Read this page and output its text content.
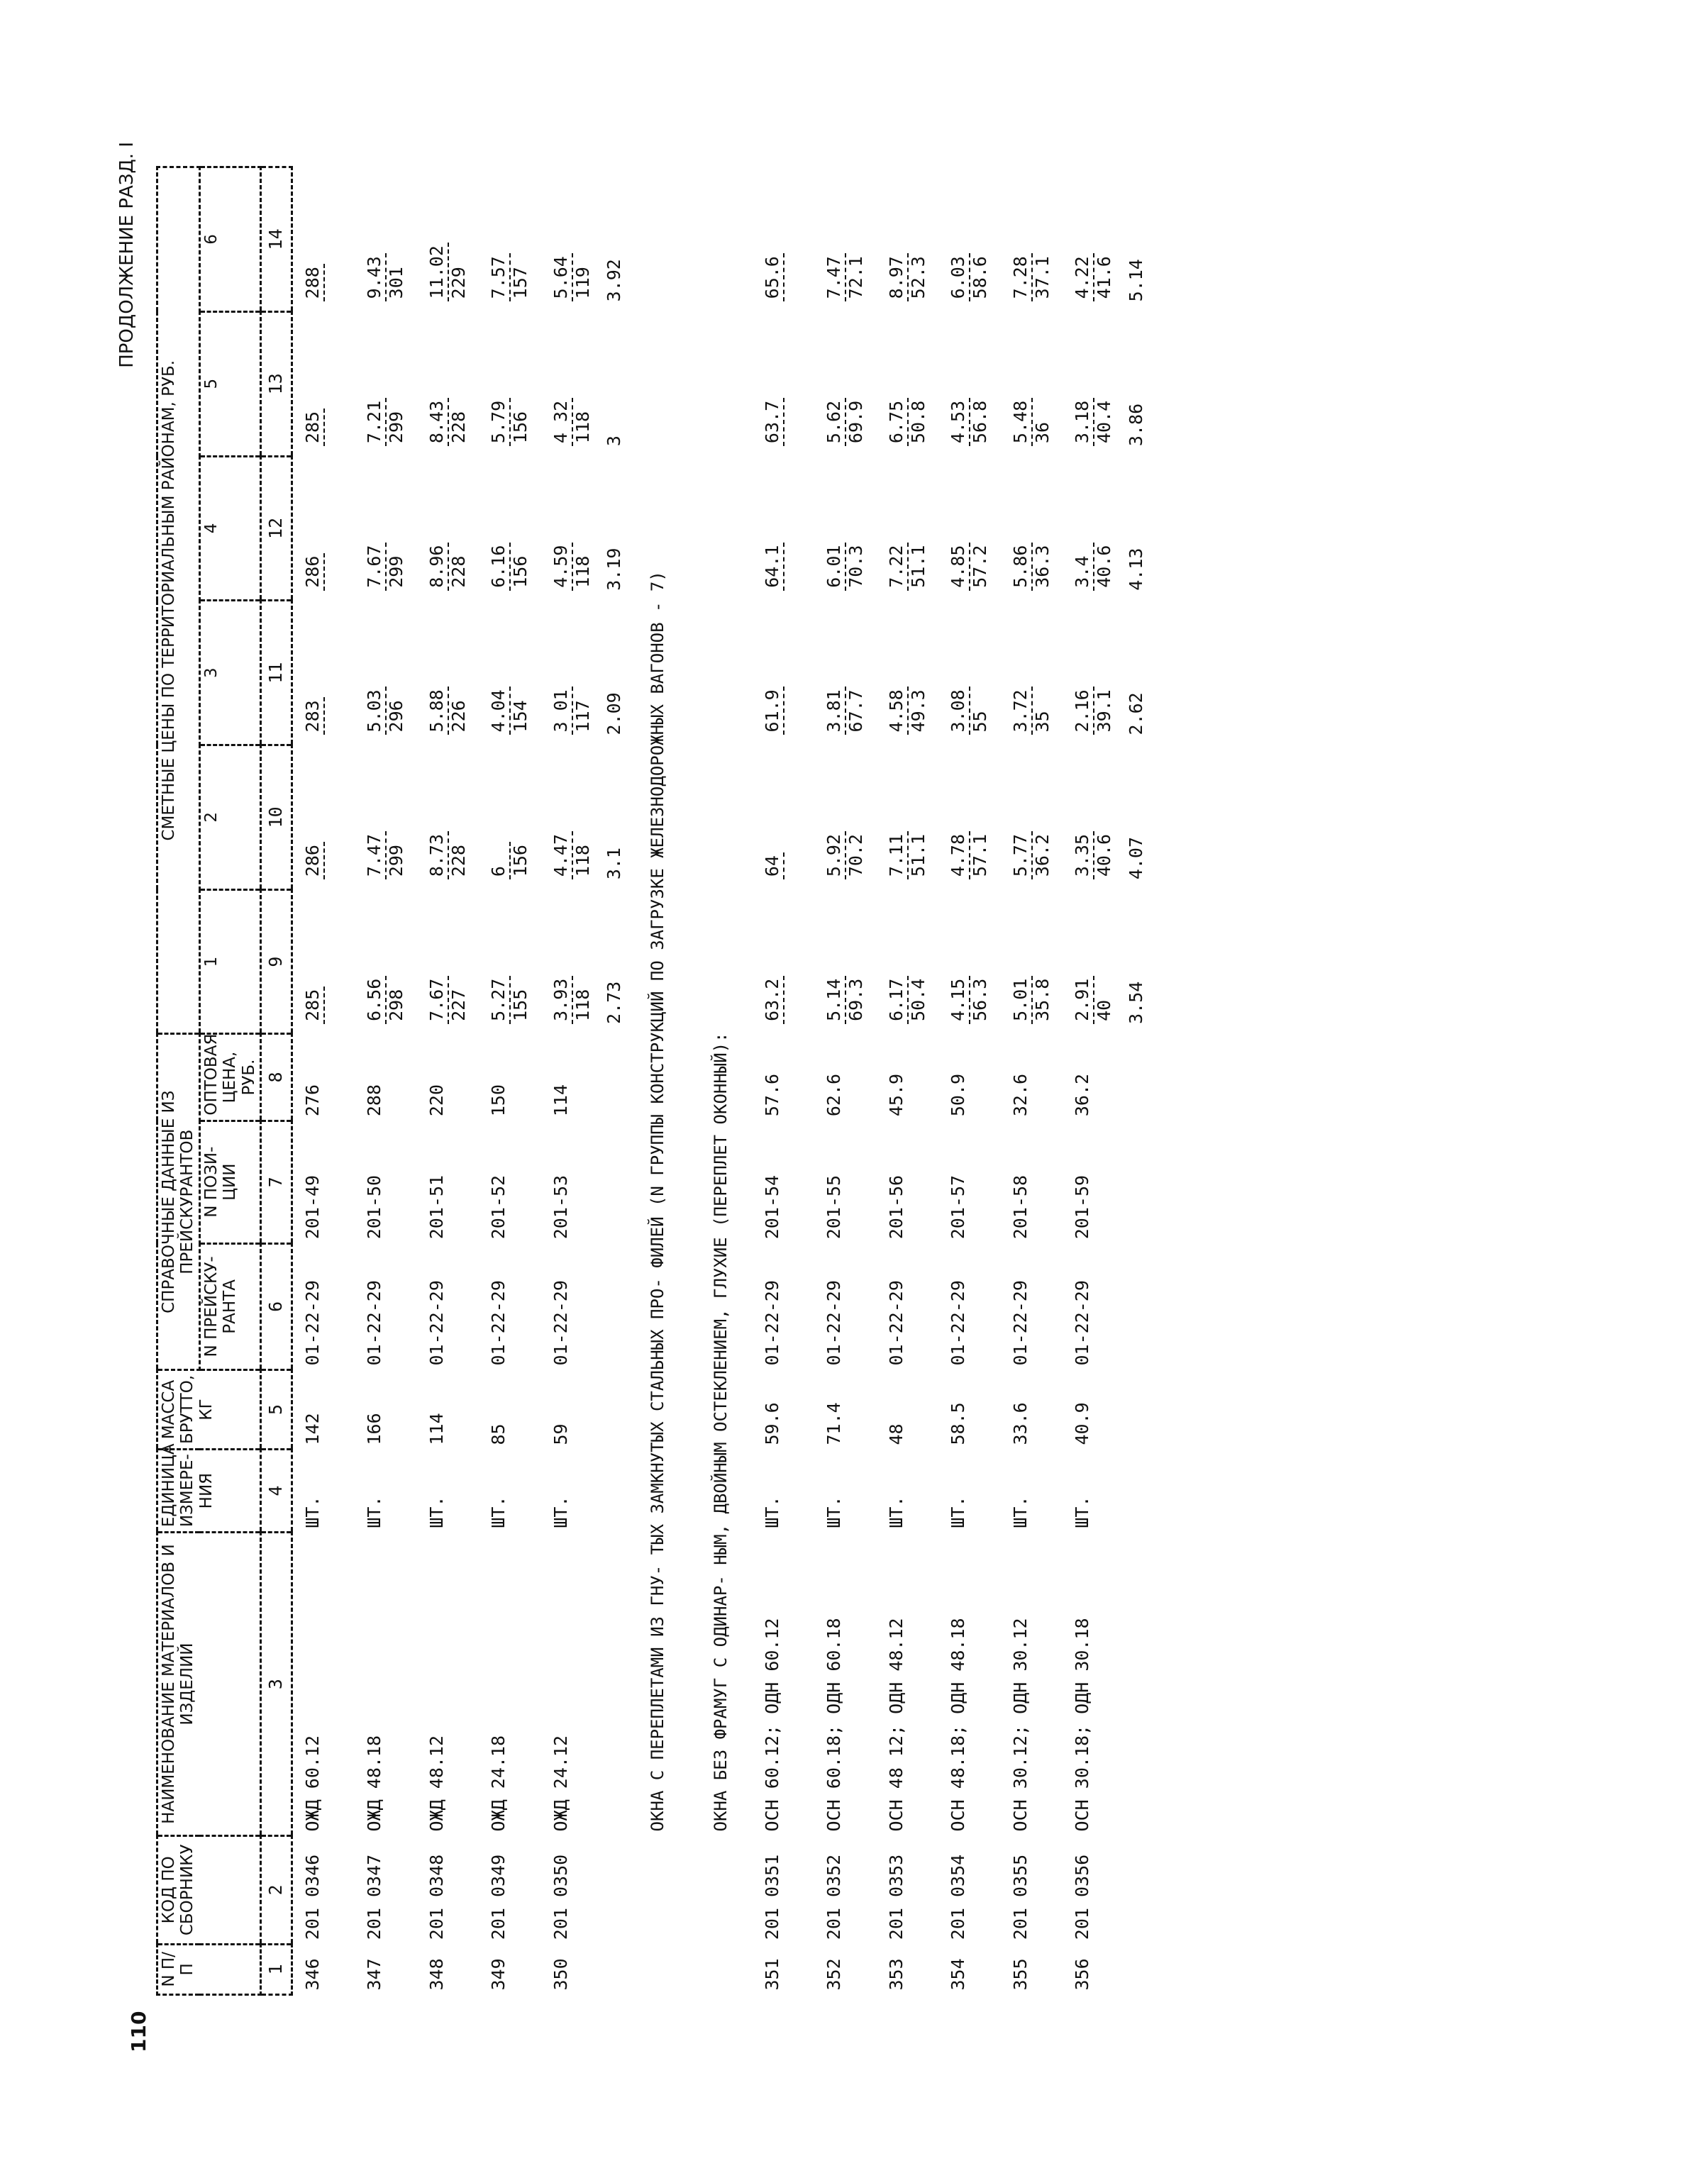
110
ПРОДОЛЖЕНИЕ РАЗД. I
N П/П	КОД ПО СБОРНИКУ	НАИМЕНОВАНИЕ МАТЕРИАЛОВ И ИЗДЕЛИЙ	ЕДИНИЦА ИЗМЕРЕ- НИЯ	МАССА БРУТТО, КГ	СПРАВОЧНЫЕ ДАННЫЕ ИЗ ПРЕЙСКУРАНТОВ			СМЕТНЫЕ ЦЕНЫ ПО ТЕРРИТОРИАЛЬНЫМ РАЙОНАМ, РУБ.					
					N ПРЕЙСКУ- РАНТА	N ПОЗИ- ЦИИ	ОПТОВАЯ ЦЕНА, РУБ.	1	2	3	4	5	6
1	2	3	4	5	6	7	8	9	10	11	12	13	14
346	201 0346	ОЖД 60.12	ШТ.	142	01-22-29	201-49	276	285	286	283	286	285	288

347	201 0347	ОЖД 48.18	ШТ.	166	01-22-29	201-50	288	6.56 298	7.47 299	5.03 296	7.67 299	7.21 299	9.43 301

348	201 0348	ОЖД 48.12	ШТ.	114	01-22-29	201-51	220	7.67 227	8.73 228	5.88 226	8.96 228	8.43 228	11.02 229

349	201 0349	ОЖД 24.18	ШТ.	85	01-22-29	201-52	150	5.27 155	6 156	4.04 154	6.16 156	5.79 156	7.57 157

350	201 0350	ОЖД 24.12	ШТ.	59	01-22-29	201-53	114	3.93 118	4.47 118	3 01 117	4.59 118	4 32 118	5.64 119

								2.73	3.1	2.09	3.19	3	3.92
		ОКНА С ПЕРЕПЛЕТАМИ ИЗ ГНУ- ТЫХ ЗАМКНУТЫХ СТАЛЬНЫХ ПРО- ФИЛЕЙ (N ГРУППЫ КОНСТРУКЦИЙ ПО ЗАГРУЗКЕ ЖЕЛЕЗНОДОРОЖНЫХ ВАГОНОВ - 7)											
		ОКНА БЕЗ ФРАМУГ С ОДИНАР- НЫМ, ДВОЙНЫМ ОСТЕКЛЕНИЕМ, ГЛУХИЕ (ПЕРЕПЛЕТ ОКОННЫЙ):											
351	201 0351	ОСН 60.12; ОДН 60.12	ШТ.	59.6	01-22-29	201-54	57.6	63.2	64	61.9	64.1	63.7	65.6

352	201 0352	ОСН 60.18; ОДН 60.18	ШТ.	71.4	01-22-29	201-55	62.6	5.14 69.3	5.92 70.2	3.81 67.7	6.01 70.3	5.62 69.9	7.47 72.1

353	201 0353	ОСН 48 12; ОДН 48.12	ШТ.	48	01-22-29	201-56	45.9	6.17 50.4	7.11 51.1	4.58 49.3	7.22 51.1	6.75 50.8	8.97 52.3

354	201 0354	ОСН 48.18; ОДН 48.18	ШТ.	58.5	01-22-29	201-57	50.9	4.15 56.3	4.78 57.1	3.08 55	4.85 57.2	4.53 56.8	6.03 58.6

355	201 0355	ОСН 30.12; ОДН 30.12	ШТ.	33.6	01-22-29	201-58	32.6	5.01 35.8	5.77 36.2	3.72 35	5.86 36.3	5.48 36	7.28 37.1

356	201 0356	ОСН 30.18; ОДН 30.18	ШТ.	40.9	01-22-29	201-59	36.2	2.91 40	3.35 40.6	2.16 39.1	3.4 40.6	3.18 40.4	4.22 41.6

								3.54	4.07	2.62	4.13	3.86	5.14
